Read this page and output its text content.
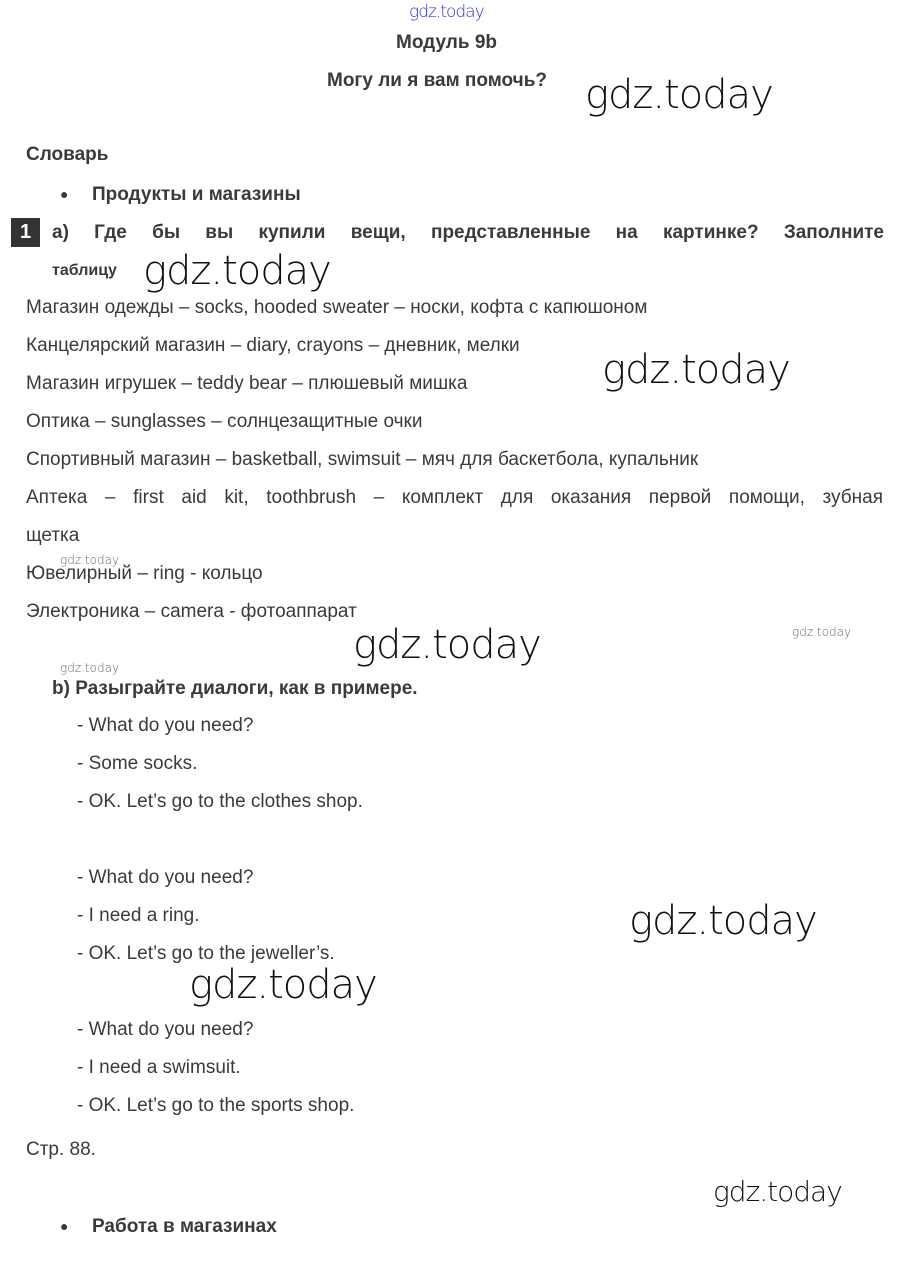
gdz.today
Модуль 9b
Могу ли я вам помочь? gdz.today
Словарь
● Продукты и магазины
1	a) Где бы вы купили вещи, представленные на картинке? Заполните
таблицу gdz.today
Магазин одежды – socks, hooded sweater – носки, кофта с капюшоном
Канцелярский магазин – diary, crayons – дневник, мелки
Магазин игрушек – teddy bear – плюшевый мишка
Оптика – sunglasses – солнцезащитные очки
Спортивный магазин – basketball, swimsuit – мяч для баскетбола, купальник
Аптека – first aid kit, toothbrush – комплект для оказания первой помощи, зубная
щетка
Ювелирный – ring - кольцо
Электроника – camera - фотоаппарат
gdz.today
gdz.today
gdz.today
gdz.today
gdz.today
b) Разыграйте диалоги, как в примере.
- What do you need?
- Some socks.
- OK. Let’s go to the clothes shop.
- What do you need?
- I need a ring.
- OK. Let’s go to the jeweller’s.
- What do you need?
- I need a swimsuit.
- OK. Let’s go to the sports shop.
gdz.today
gdz.today
Стр. 88.
gdz.today
● Работа в магазинах
